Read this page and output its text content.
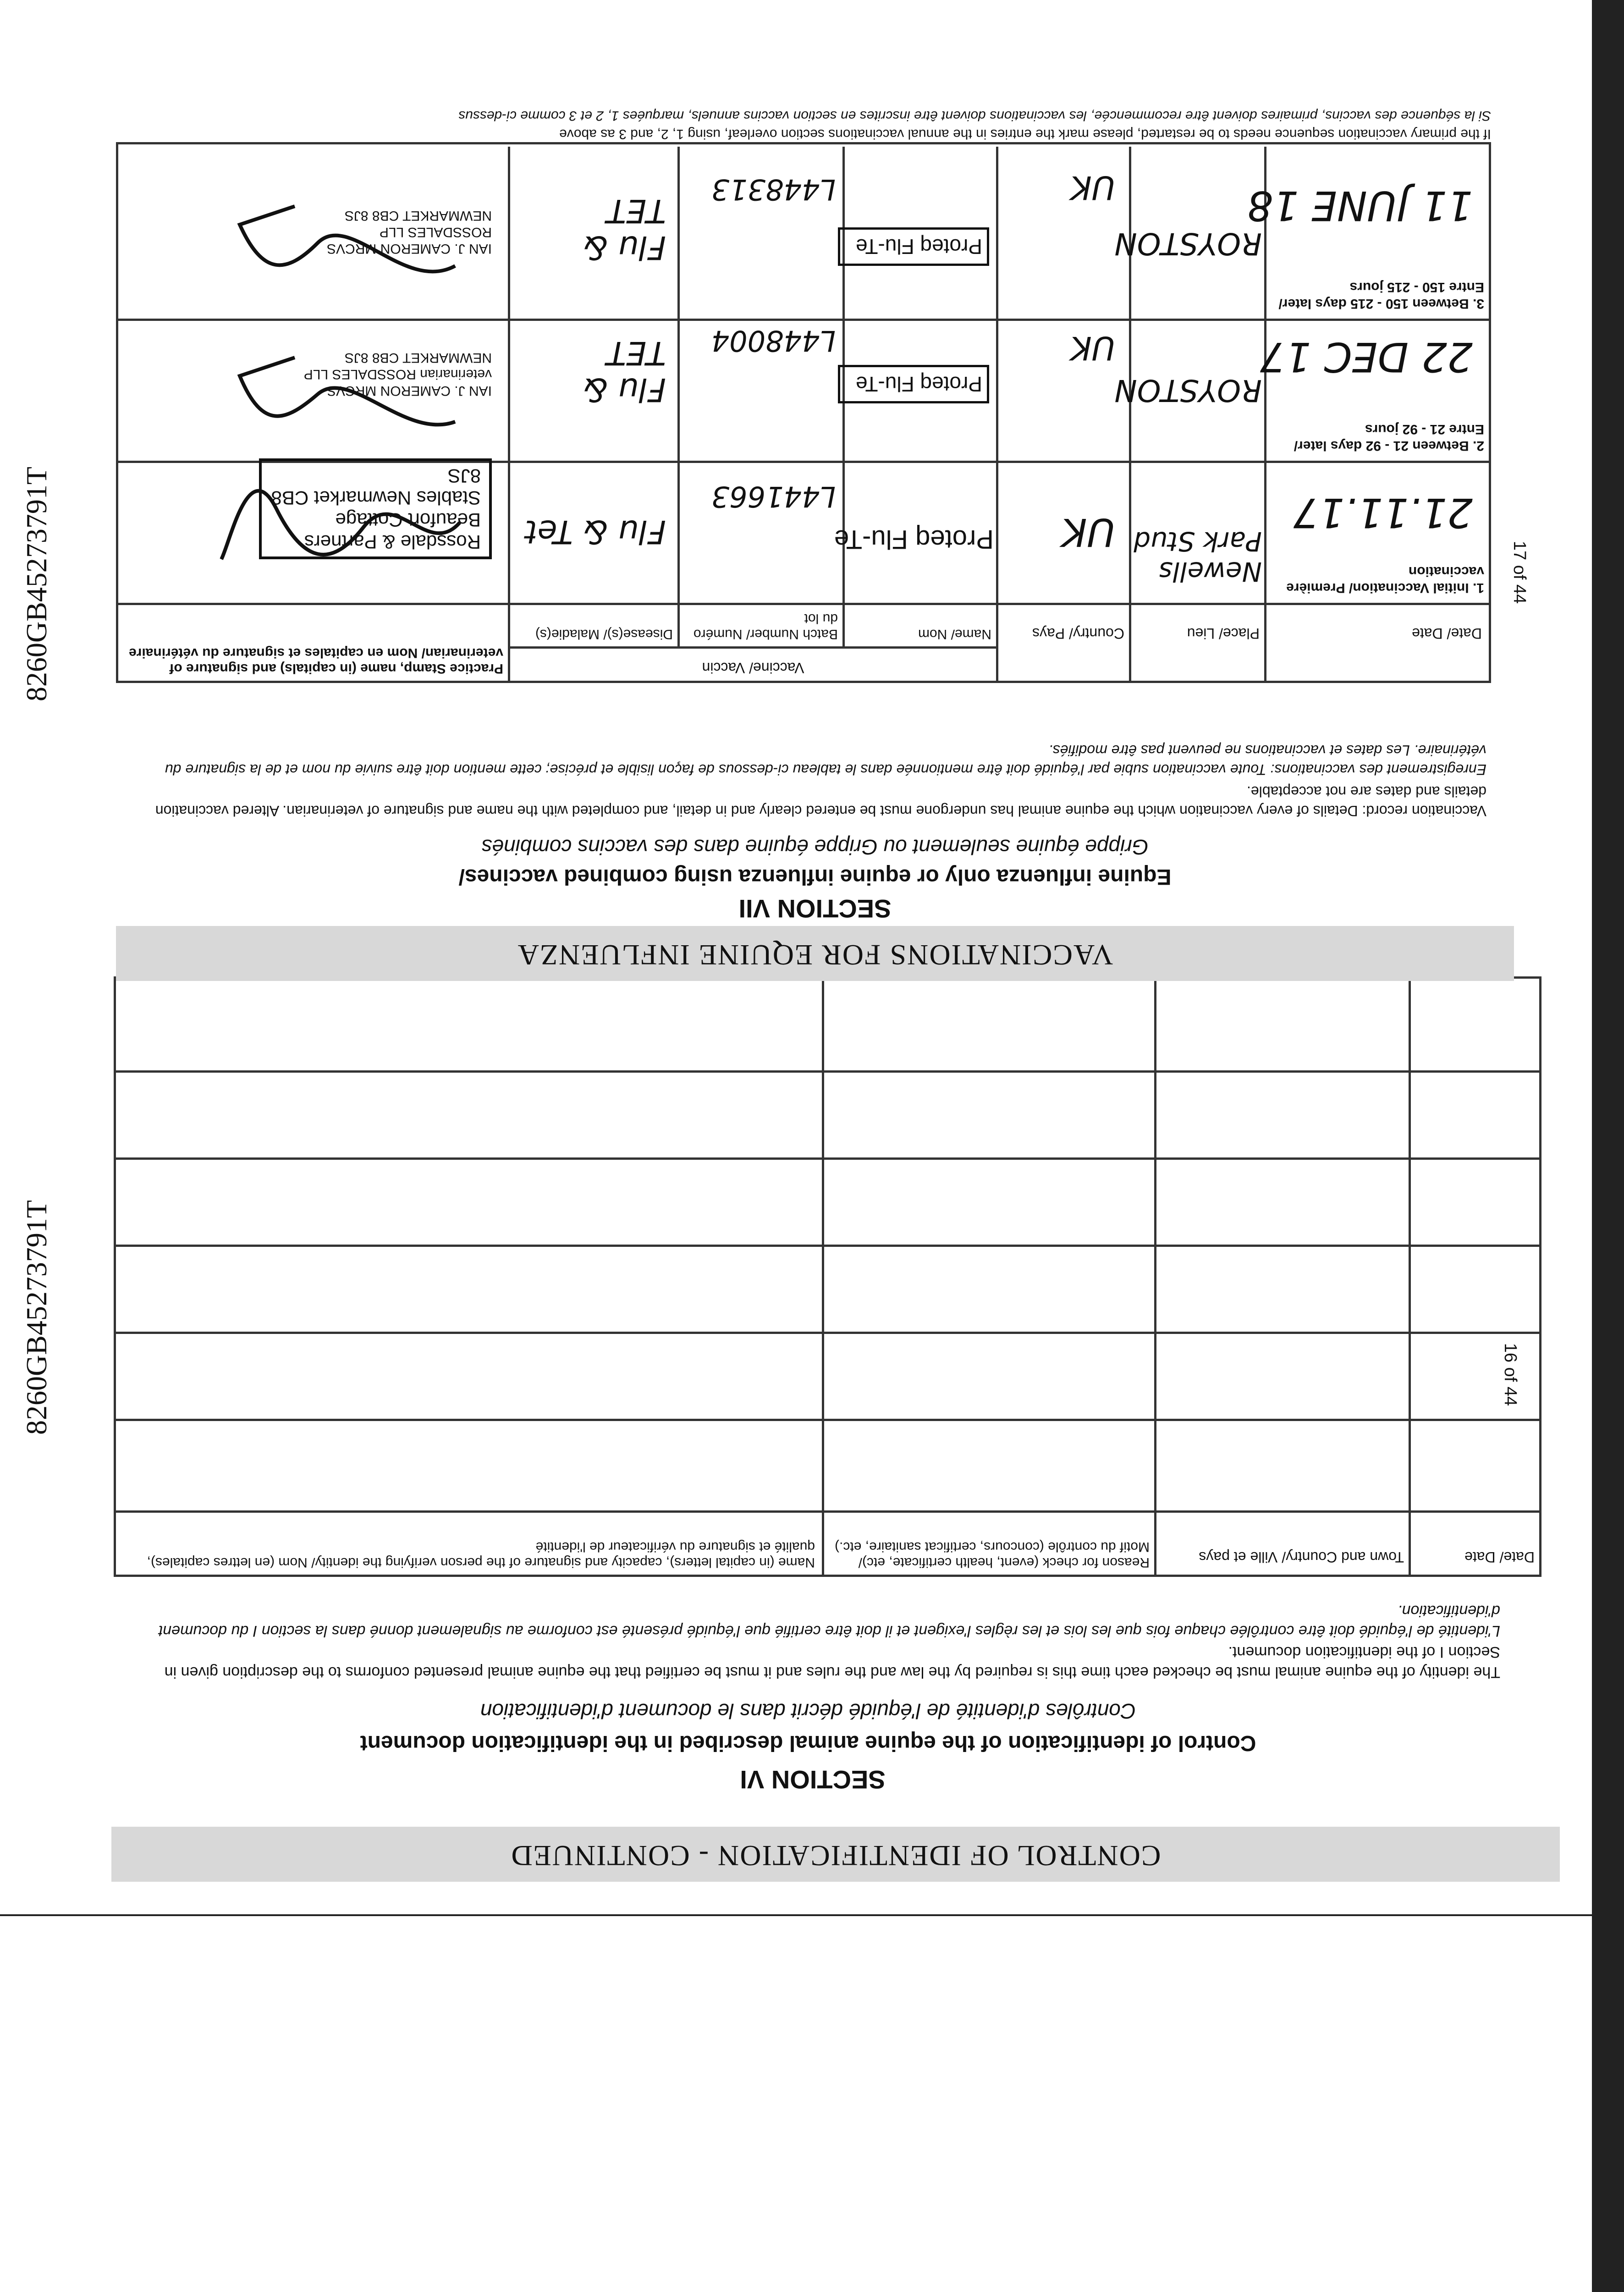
CONTROL OF IDENTIFICATION - CONTINUED
SECTION VI
Control of identification of the equine animal described in the identification document
Contrôles d'identité de l'équidé décrit dans le document d'identification
The identity of the equine animal must be checked each time this is required by the law and the rules and it must be certified that the equine animal presented conforms to the description given in Section I of the identification document.
L'identité de l'équidé doit être contrôlée chaque fois que les lois et les règles l'exigent et il doit être certifié que l'équidé présenté est conforme au signalement donné dans la section I du document d'identification.
Date/ Date
Town and Country/ Ville et pays
Reason for check (event, health certificate, etc)/ Motif du contrôle (concours, certificat sanitaire, etc.)
Name (in capital letters), capacity and signature of the person verifying the identity/ Nom (en lettres capitales), qualité et signature du vérificateur de l'identité
16 of 44
8260GB45273791T
VACCINATIONS FOR EQUINE INFLUENZA
SECTION VII
Equine influenza only or equine influenza using combined vaccines/
Grippe équine seulement ou Grippe équine dans des vaccins combinés
Vaccination record: Details of every vaccination which the equine animal has undergone must be entered clearly and in detail, and completed with the name and signature of veterinarian. Altered vaccination details and dates are not acceptable.
Enregistrement des vaccinations: Toute vaccination subie par l'équidé doit être mentionnée dans le tableau ci-dessous de façon lisible et précise; cette mention doit être suivie du nom et de la signature du vétérinaire. Les dates et vaccinations ne peuvent pas être modifiés.
Date/ Date
Place/ Lieu
Country/ Pays
Vaccine/ Vaccin
Name/ Nom
Batch Number/ Numéro du lot
Disease(s)/ Maladie(s)
Practice Stamp, name (in capitals) and signature of veterinarian/ Nom en capitales et signature du vétérinaire
1. Initial Vaccination/ Première vaccination
21.11.17
Newells Park Stud
UK
Proteq Flu-Te
L441663
Flu & Tet
Rossdale & Partners Beaufort Cottage Stables Newmarket CB8 8JS
2. Between 21 - 92 days later/ Entre 21 - 92 jours
22 DEC 17
ROYSTON
UK
Proteq Flu-Te
L448004
Flu & TET
IAN J. CAMERON MRCVS veterinarian ROSSDALES LLP NEWMARKET CB8 8JS
3. Between 150 - 215 days later/ Entre 150 - 215 jours
11 JUNE 18
ROYSTON
UK
Proteq Flu-Te
L448313
Flu & TET
IAN J. CAMERON MRCVS ROSSDALES LLP NEWMARKET CB8 8JS
If the primary vaccination sequence needs to be restarted, please mark the entries in the annual vaccinations section overleaf, using 1, 2, and 3 as above
Si la séquence des vaccins, primaires doivent être recommencée, les vaccinations doivent être inscrites en section vaccins annuels, marquées 1, 2 et 3 comme ci-dessus
17 of 44
8260GB45273791T
